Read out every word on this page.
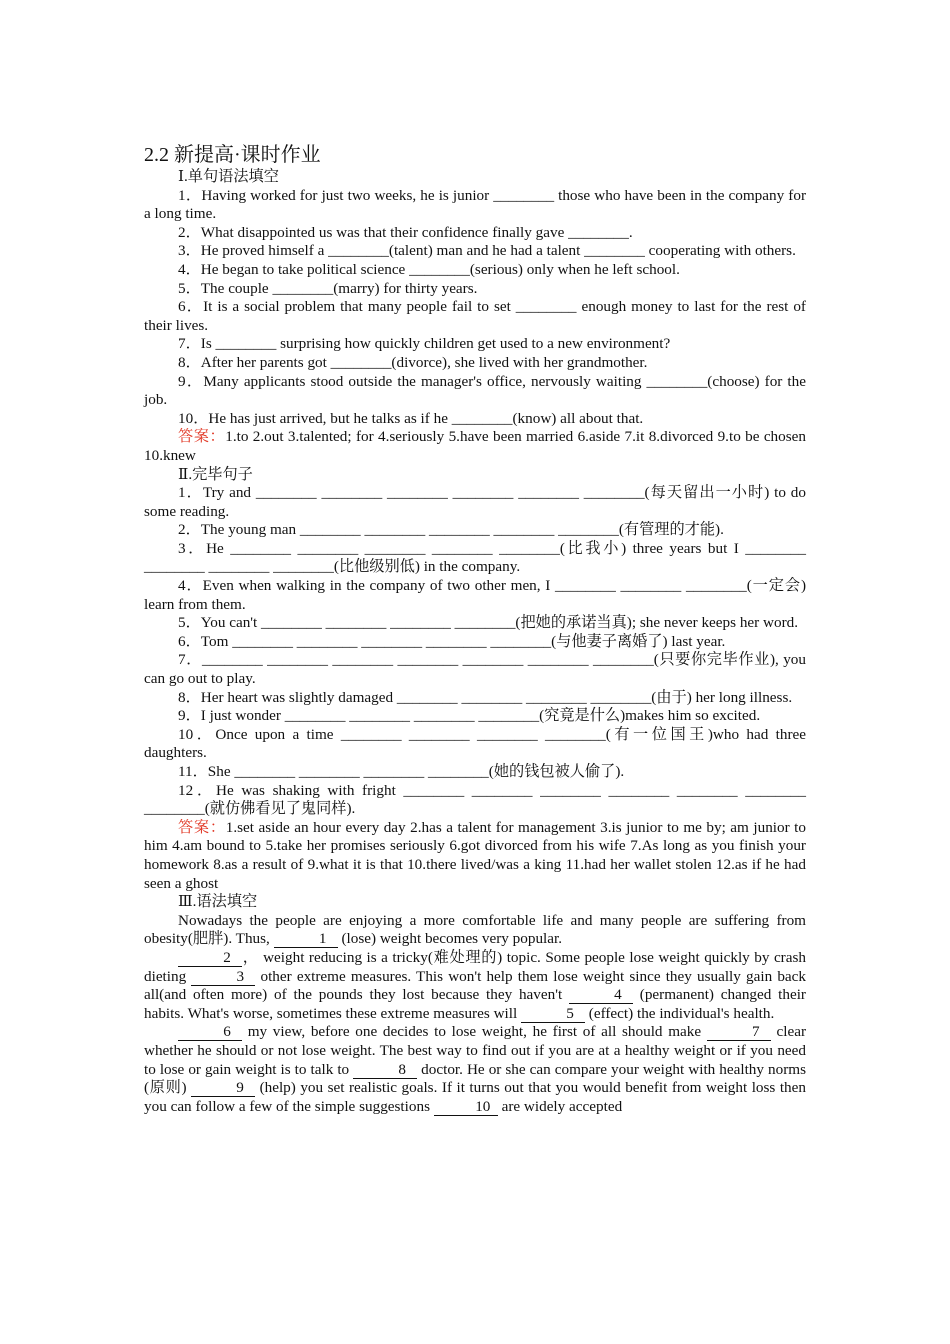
2.2 新提高·课时作业
Ⅰ.单句语法填空
1．Having worked for just two weeks, he is junior ________ those who have been in the company for a long time.
2．What disappointed us was that their confidence finally gave ________.
3．He proved himself a ________(talent) man and he had a talent ________ cooperating with others.
4．He began to take political science ________(serious) only when he left school.
5．The couple ________(marry) for thirty years.
6．It is a social problem that many people fail to set ________ enough money to last for the rest of their lives.
7．Is ________ surprising how quickly children get used to a new environment?
8．After her parents got ________(divorce), she lived with her grandmother.
9．Many applicants stood outside the manager's office, nervously waiting ________(choose) for the job.
10．He has just arrived, but he talks as if he ________(know) all about that.
答案：1.to 2.out 3.talented; for 4.seriously 5.have been married 6.aside 7.it 8.divorced 9.to be chosen 10.knew
Ⅱ.完毕句子
1．Try and ________ ________ ________ ________ ________ ________(每天留出一小时) to do some reading.
2．The young man ________ ________ ________ ________ ________(有管理的才能).
3．He ________ ________ ________ ________ ________(比我小) three years but I ________ ________ ________ ________(比他级别低) in the company.
4．Even when walking in the company of two other men, I ________ ________ ________(一定会) learn from them.
5．You can't ________ ________ ________ ________(把她的承诺当真); she never keeps her word.
6．Tom ________ ________ ________ ________ ________(与他妻子离婚了) last year.
7．________ ________ ________ ________ ________ ________ ________(只要你完毕作业), you can go out to play.
8．Her heart was slightly damaged ________ ________ ________ ________(由于) her long illness.
9．I just wonder ________ ________ ________ ________(究竟是什么)makes him so excited.
10．Once upon a time ________ ________ ________ ________(有一位国王)who had three daughters.
11．She ________ ________ ________ ________(她的钱包被人偷了).
12．He was shaking with fright ________ ________ ________ ________ ________ ________ ________(就仿佛看见了鬼同样).
答案：1.set aside an hour every day 2.has a talent for management 3.is junior to me by; am junior to him 4.am bound to 5.take her promises seriously 6.got divorced from his wife 7.As long as you finish your homework 8.as a result of 9.what it is that 10.there lived/was a king 11.had her wallet stolen 12.as if he had seen a ghost
Ⅲ.语法填空
Nowadays the people are enjoying a more comfortable life and many people are suffering from obesity(肥胖). Thus,	1 (lose) weight becomes very popular.
2 ， weight reducing is a tricky(难处理的) topic. Some people lose weight quickly by crash dieting	3 other extreme measures. This won't help them lose weight since they usually gain back all(and often more) of the pounds they lost because they haven't	4 (permanent) changed their habits. What's worse, sometimes these extreme measures will	5 (effect) the individual's health.
6 my view, before one decides to lose weight, he first of all should make	7 clear whether he should or not lose weight. The best way to find out if you are at a healthy weight or if you need to lose or gain weight is to talk to	8 doctor. He or she can compare your weight with healthy norms (原则)	9 (help) you set realistic goals. If it turns out that you would benefit from weight loss then you can follow a few of the simple suggestions	10 are widely accepted
